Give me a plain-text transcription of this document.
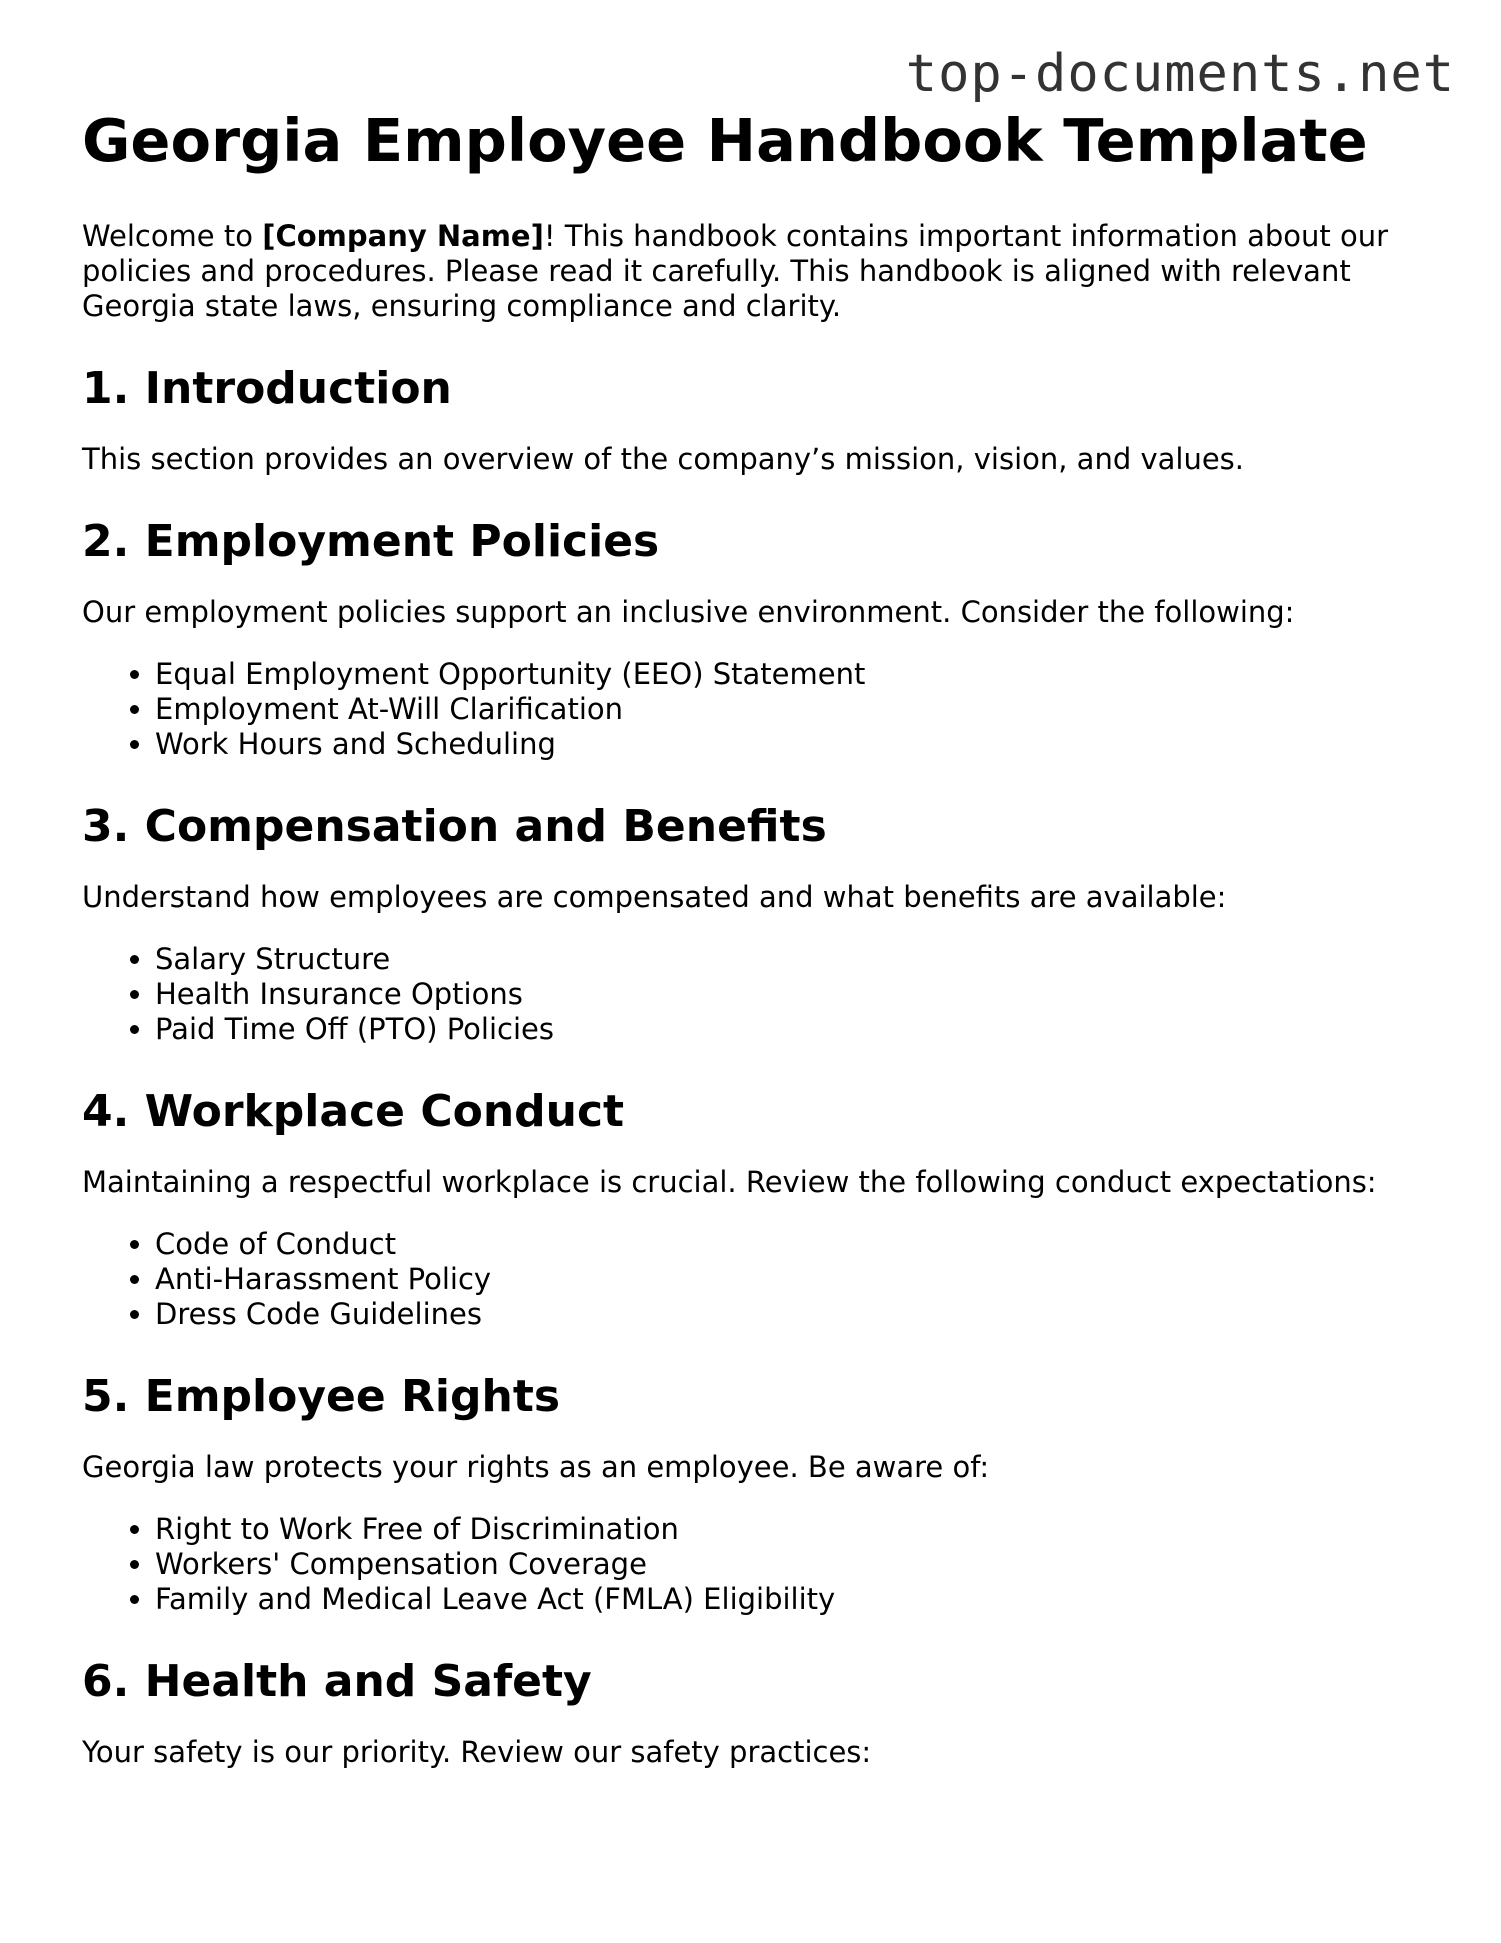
top-documents.net
Georgia Employee Handbook Template

Welcome to [Company Name]! This handbook contains important information about our policies and procedures. Please read it carefully. This handbook is aligned with relevant Georgia state laws, ensuring compliance and clarity.

1. Introduction

This section provides an overview of the company’s mission, vision, and values.

2. Employment Policies

Our employment policies support an inclusive environment. Consider the following:

• Equal Employment Opportunity (EEO) Statement
• Employment At-Will Clarification
• Work Hours and Scheduling
3. Compensation and Benefits

Understand how employees are compensated and what benefits are available:

• Salary Structure
• Health Insurance Options
• Paid Time Off (PTO) Policies
4. Workplace Conduct

Maintaining a respectful workplace is crucial. Review the following conduct expectations:

• Code of Conduct
• Anti-Harassment Policy
• Dress Code Guidelines
5. Employee Rights

Georgia law protects your rights as an employee. Be aware of:

• Right to Work Free of Discrimination
• Workers' Compensation Coverage
• Family and Medical Leave Act (FMLA) Eligibility
6. Health and Safety

Your safety is our priority. Review our safety practices:
